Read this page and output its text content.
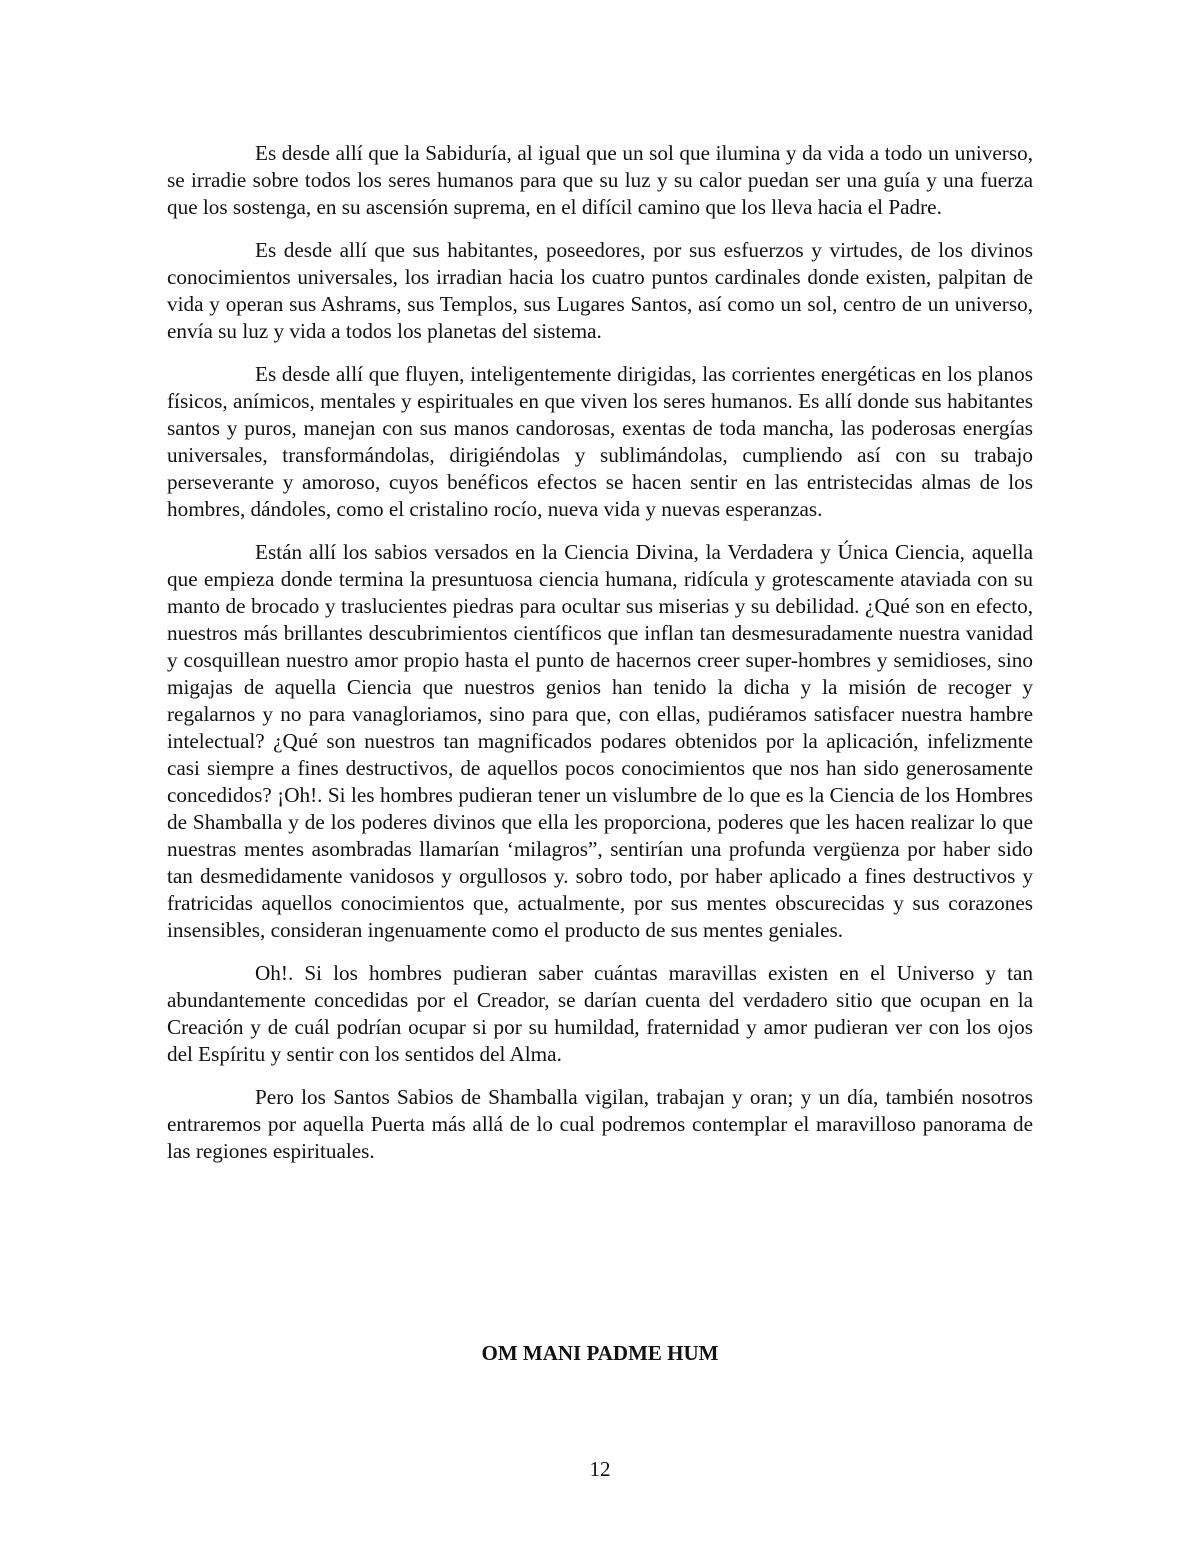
Es desde allí que la Sabiduría, al igual que un sol que ilumina y da vida a todo un universo, se irradie sobre todos los seres humanos para que su luz y su calor puedan ser una guía y una fuerza que los sostenga, en su ascensión suprema, en el difícil camino que los lleva hacia el Padre.

Es desde allí que sus habitantes, poseedores, por sus esfuerzos y virtudes, de los divinos conocimientos universales, los irradian hacia los cuatro puntos cardinales donde existen, palpitan de vida y operan sus Ashrams, sus Templos, sus Lugares Santos, así como un sol, centro de un universo, envía su luz y vida a todos los planetas del sistema.

Es desde allí que fluyen, inteligentemente dirigidas, las corrientes energéticas en los planos físicos, anímicos, mentales y espirituales en que viven los seres humanos. Es allí donde sus habitantes santos y puros, manejan con sus manos candorosas, exentas de toda mancha, las poderosas energías universales, transformándolas, dirigiéndolas y sublimándolas, cumpliendo así con su trabajo perseverante y amoroso, cuyos benéficos efectos se hacen sentir en las entristecidas almas de los hombres, dándoles, como el cristalino rocío, nueva vida y nuevas esperanzas.

Están allí los sabios versados en la Ciencia Divina, la Verdadera y Única Ciencia, aquella que empieza donde termina la presuntuosa ciencia humana, ridícula y grotescamente ataviada con su manto de brocado y traslucientes piedras para ocultar sus miserias y su debilidad. ¿Qué son en efecto, nuestros más brillantes descubrimientos científicos que inflan tan desmesuradamente nuestra vanidad y cosquillean nuestro amor propio hasta el punto de hacernos creer super-hombres y semidioses, sino migajas de aquella Ciencia que nuestros genios han tenido la dicha y la misión de recoger y regalarnos y no para vanagloriamos, sino para que, con ellas, pudiéramos satisfacer nuestra hambre intelectual? ¿Qué son nuestros tan magnificados podares obtenidos por la aplicación, infelizmente casi siempre a fines destructivos, de aquellos pocos conocimientos que nos han sido generosamente concedidos? ¡Oh!. Si les hombres pudieran tener un vislumbre de lo que es la Ciencia de los Hombres de Shamballa y de los poderes divinos que ella les proporciona, poderes que les hacen realizar lo que nuestras mentes asombradas llamarían ‘milagros”, sentirían una profunda vergüenza por haber sido tan desmedidamente vanidosos y orgullosos y. sobro todo, por haber aplicado a fines destructivos y fratricidas aquellos conocimientos que, actualmente, por sus mentes obscurecidas y sus corazones insensibles, consideran ingenuamente como el producto de sus mentes geniales.

Oh!. Si los hombres pudieran saber cuántas maravillas existen en el Universo y tan abundantemente concedidas por el Creador, se darían cuenta del verdadero sitio que ocupan en la Creación y de cuál podrían ocupar si por su humildad, fraternidad y amor pudieran ver con los ojos del Espíritu y sentir con los sentidos del Alma.

Pero los Santos Sabios de Shamballa vigilan, trabajan y oran; y un día, también nosotros entraremos por aquella Puerta más allá de lo cual podremos contemplar el maravilloso panorama de las regiones espirituales.

OM MANI PADME HUM

12
